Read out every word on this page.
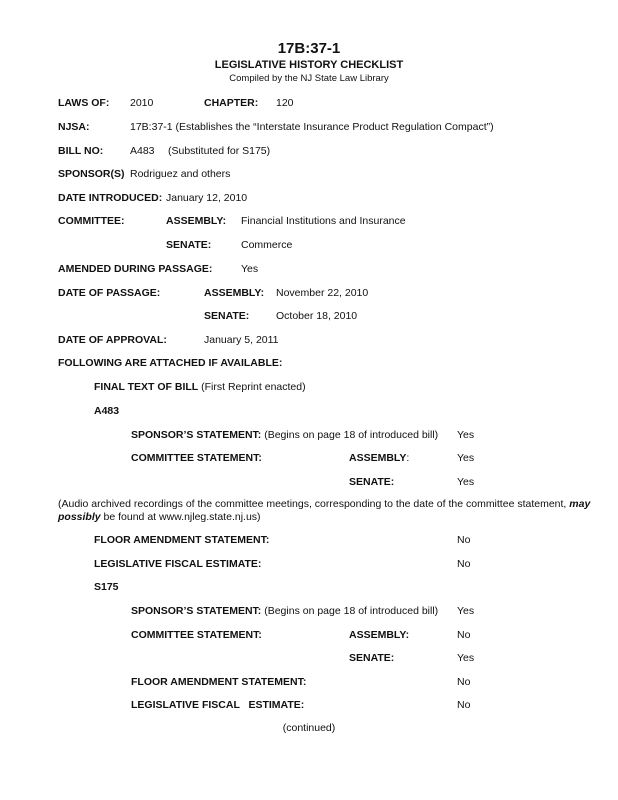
17B:37-1
LEGISLATIVE HISTORY CHECKLIST
Compiled by the NJ State Law Library
LAWS OF: 2010	CHAPTER: 120
NJSA:	17B:37-1 (Establishes the “Interstate Insurance Product Regulation Compact”)
BILL NO:	A483 (Substituted for S175)
SPONSOR(S) Rodriguez and others
DATE INTRODUCED: January 12, 2010
COMMITTEE:	ASSEMBLY: Financial Institutions and Insurance
SENATE:	Commerce
AMENDED DURING PASSAGE:	Yes
DATE OF PASSAGE:	ASSEMBLY: November 22, 2010
SENATE:	October 18, 2010
DATE OF APPROVAL:	January 5, 2011
FOLLOWING ARE ATTACHED IF AVAILABLE:
FINAL TEXT OF BILL (First Reprint enacted)
A483
SPONSOR’S STATEMENT: (Begins on page 18 of introduced bill) Yes
COMMITTEE STATEMENT:	ASSEMBLY:	Yes
SENATE:	Yes
(Audio archived recordings of the committee meetings, corresponding to the date of the committee statement, may possibly be found at www.njleg.state.nj.us)
FLOOR AMENDMENT STATEMENT:	No
LEGISLATIVE FISCAL ESTIMATE:	No
S175
SPONSOR’S STATEMENT: (Begins on page 18 of introduced bill) Yes
COMMITTEE STATEMENT:	ASSEMBLY:	No
SENATE:	Yes
FLOOR AMENDMENT STATEMENT:	No
LEGISLATIVE FISCAL   ESTIMATE:	No
(continued)
